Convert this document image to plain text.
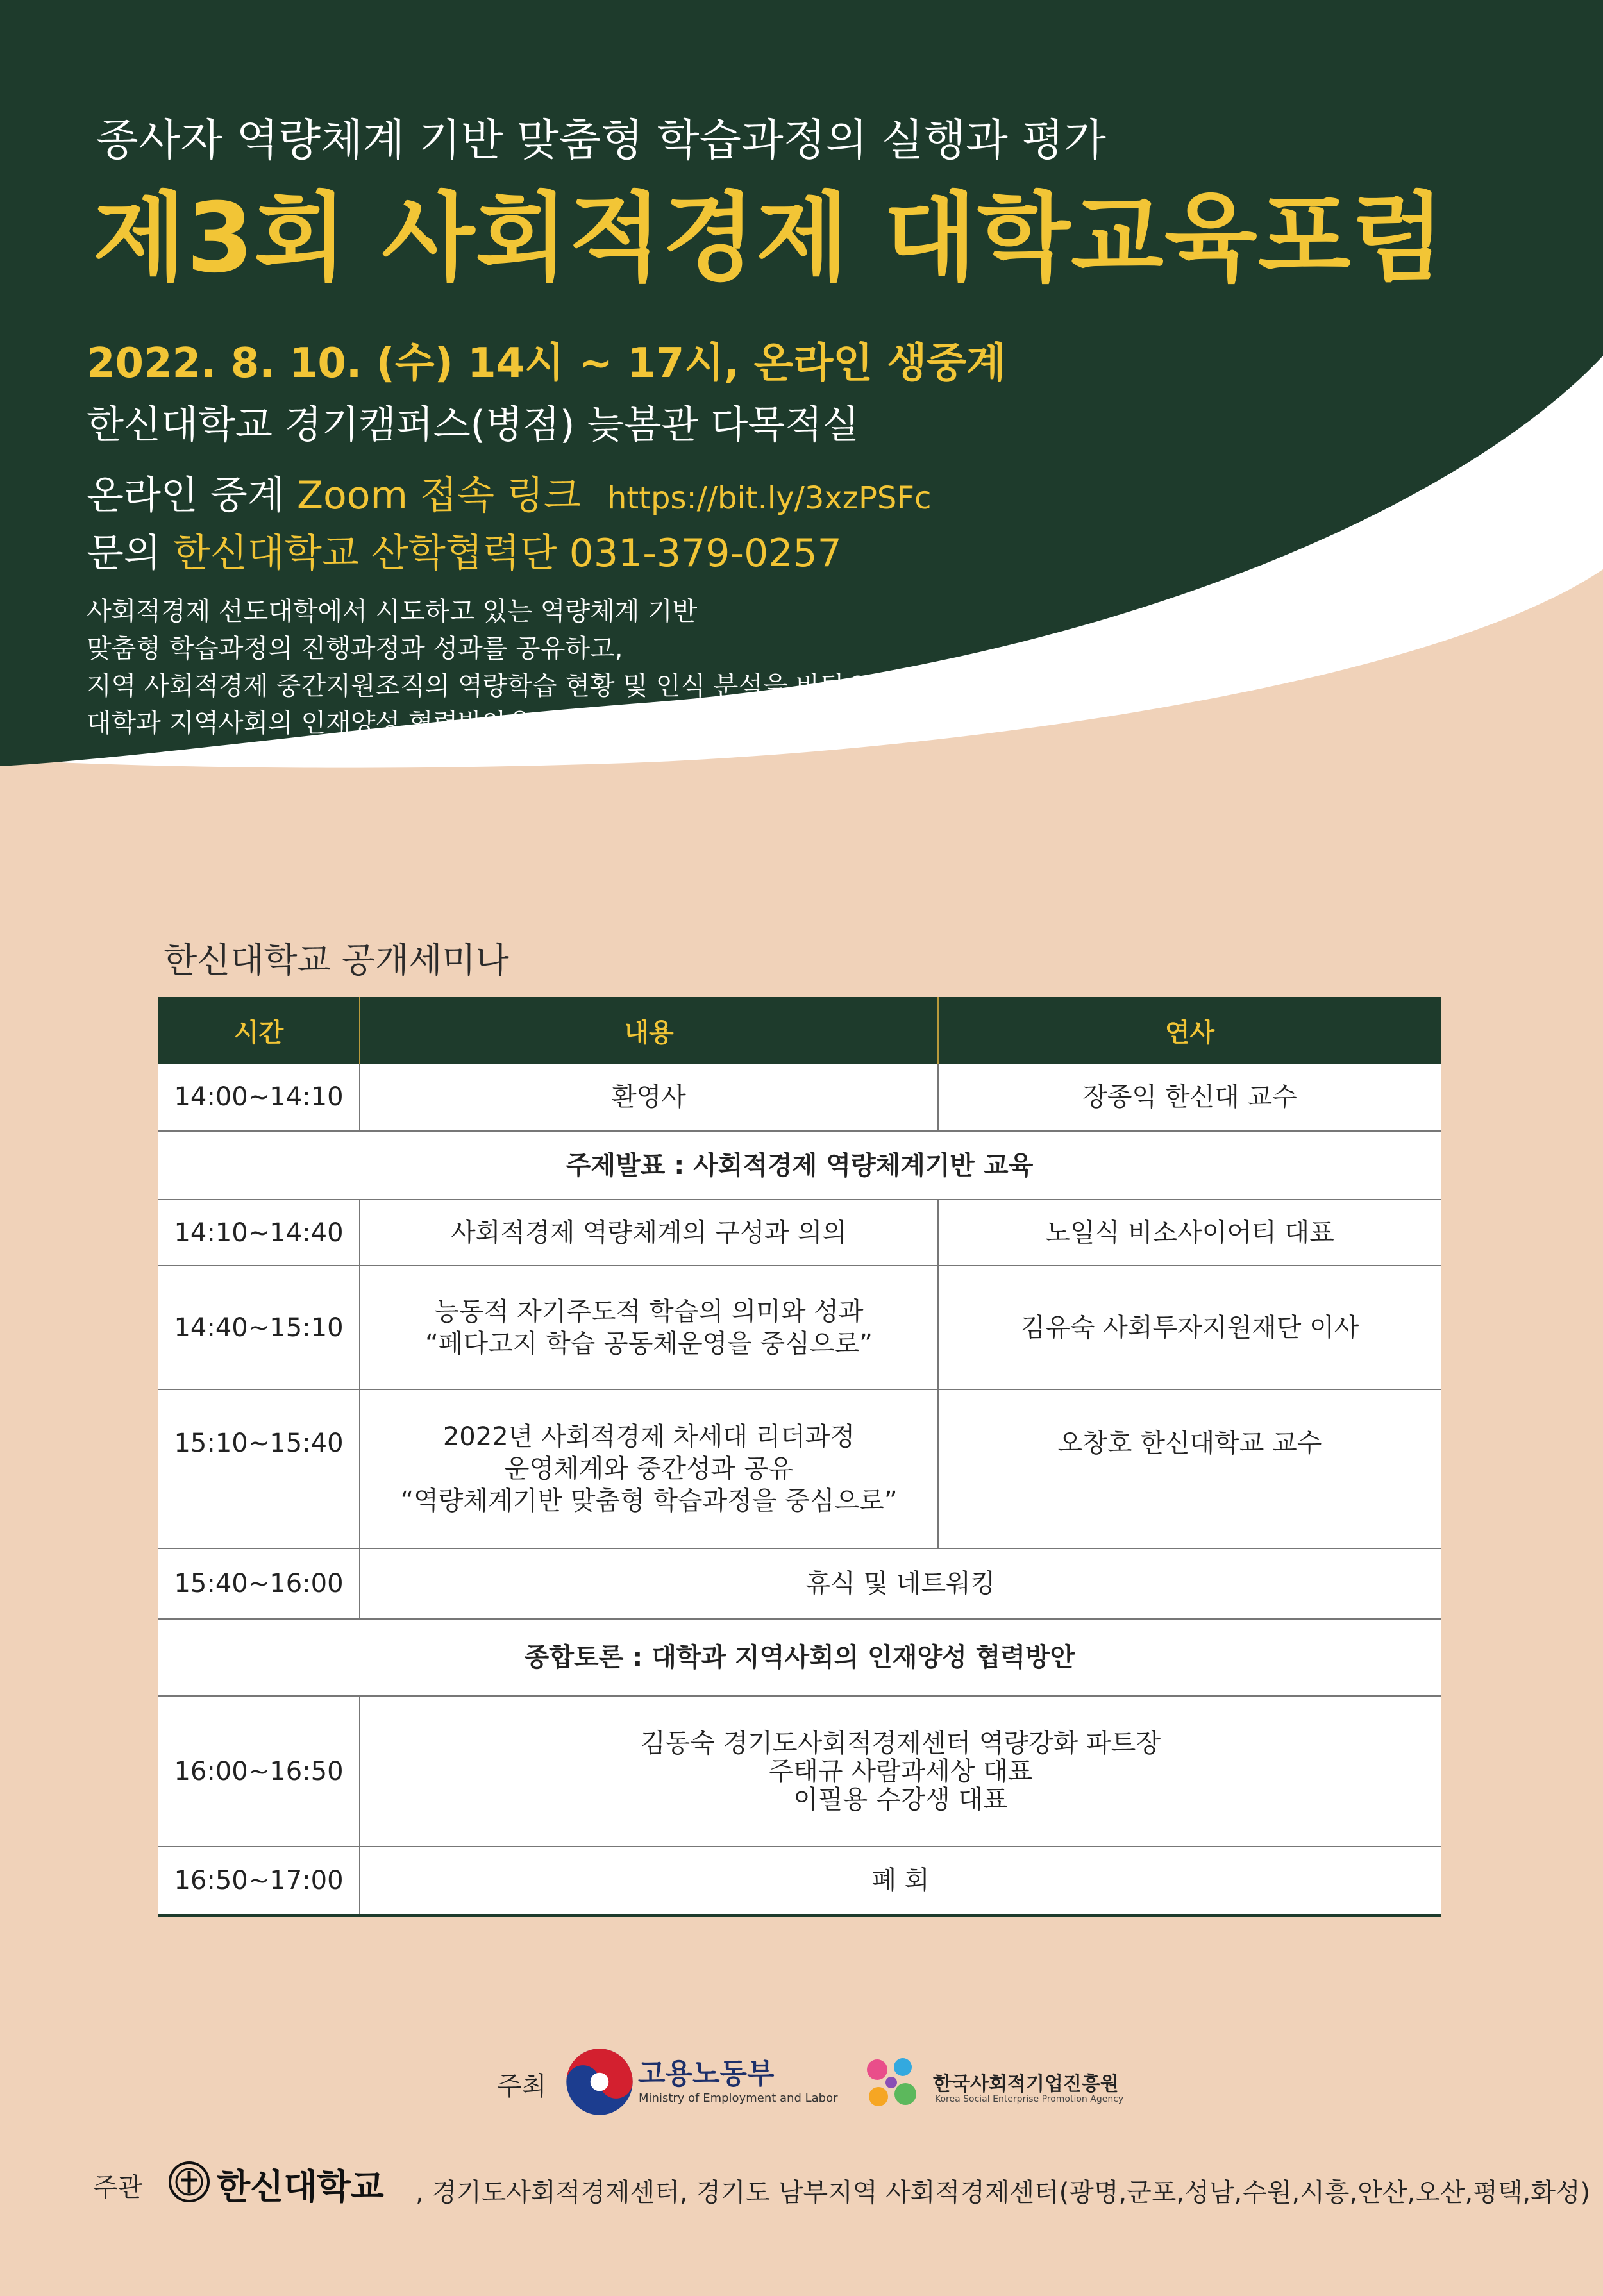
종사자 역량체계 기반 맞춤형 학습과정의 실행과 평가

제3회 사회적경제 대학교육포럼

2022. 8. 10. (수) 14시 ~ 17시, 온라인 생중계

한신대학교 경기캠퍼스(병점) 늦봄관 다목적실

온라인 중계 Zoom 접속 링크 https://bit.ly/3xzPSFc

문의 한신대학교 산학협력단 031-379-0257

사회적경제 선도대학에서 시도하고 있는 역량체계 기반
맞춤형 학습과정의 진행과정과 성과를 공유하고,
지역 사회적경제 중간지원조직의 역량학습 현황 및 인식 분석을 바탕으로
대학과 지역사회의 인재양성 협력방안을 토론합니다.

한신대학교 공개세미나

시간	내용	연사
14:00~14:10	환영사	장종익 한신대 교수
주제발표 : 사회적경제 역량체계기반 교육		
14:10~14:40	사회적경제 역량체계의 구성과 의의	노일식 비소사이어티 대표
14:40~15:10	능동적 자기주도적 학습의 의미와 성과
“페다고지 학습 공동체운영을 중심으로”	김유숙 사회투자지원재단 이사
15:10~15:40	2022년 사회적경제 차세대 리더과정
운영체계와 중간성과 공유
“역량체계기반 맞춤형 학습과정을 중심으로”	오창호 한신대학교 교수
15:40~16:00	휴식 및 네트워킹	
종합토론 : 대학과 지역사회의 인재양성 협력방안		
16:00~16:50	김동숙 경기도사회적경제센터 역량강화 파트장
주태규 사람과세상 대표
이필용 수강생 대표	

16:50~17:00	폐 회	

주최	고용노동부

Ministry of Employment and Labor

한국사회적기업진흥원

Korea Social Enterprise Promotion Agency

주관 한신대학교 , 경기도사회적경제센터, 경기도 남부지역 사회적경제센터(광명,군포,성남,수원,시흥,안산,오산,평택,화성)
